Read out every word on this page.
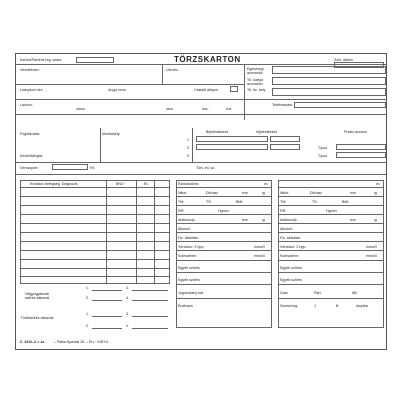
Karton/Páciens reg. szám:	TÖRZSKARTON	Szül. dátum
Vezetéknév:	Utónév:	Egészségi azonosító
Tb. kártya azonosító
Leánykori név:	Anyja neve:	Családi állapot:	Tb. fiz. hely
Lakcím:
város	utca	hsz.	e/a.
Telefonszám:
Foglalkozás:	Munkahely:	Bejelentkezés	Kijelentkezés	Praxis azonos.
1
2
3
Típus
Típus
Kezel/Allergia:
Vércsoport:	Rh	Törv. ell. sz.
Krónikus betegség: Diagnózis	BNO	Év
Nőgyógyászati szűrés dátumai
1.	3.
2.	4.
Tüdőszűrés dátumai
1.	3.
2.	4.
Rizikószűrés	év
Nikot.	Db/nap	éve	ig
TM:	TS:	BMI:
RR:	Hgmm
Antikoncip.	éve	ig
Alkohol:
Fiz. aktivitás:
Vércukor: 2 hpp:	mmol/l
Koleszterin:	mmol/l
Egyéb szűrés
Egyéb szűrés
Jogosítvány kat.
Érvényes
év
Nikot.	Db/nap	éve	ig
TM:	TS:	BMI:
RR:	Hgmm
Antikoncip.	éve	ig
Alkohol:
Fiz. aktivitás:
Vércukor: 2 hpp:	mmol/l
Koleszterin:	mmol/l
Egyéb szűrés
Egyéb szűrés
Grav.	Part.	AB
Szemüveg:	J	B	dioptria
C. 3410–4. r. sz.	– Pátria Nyomda Zrt. – Érv.: 3.997/4.
